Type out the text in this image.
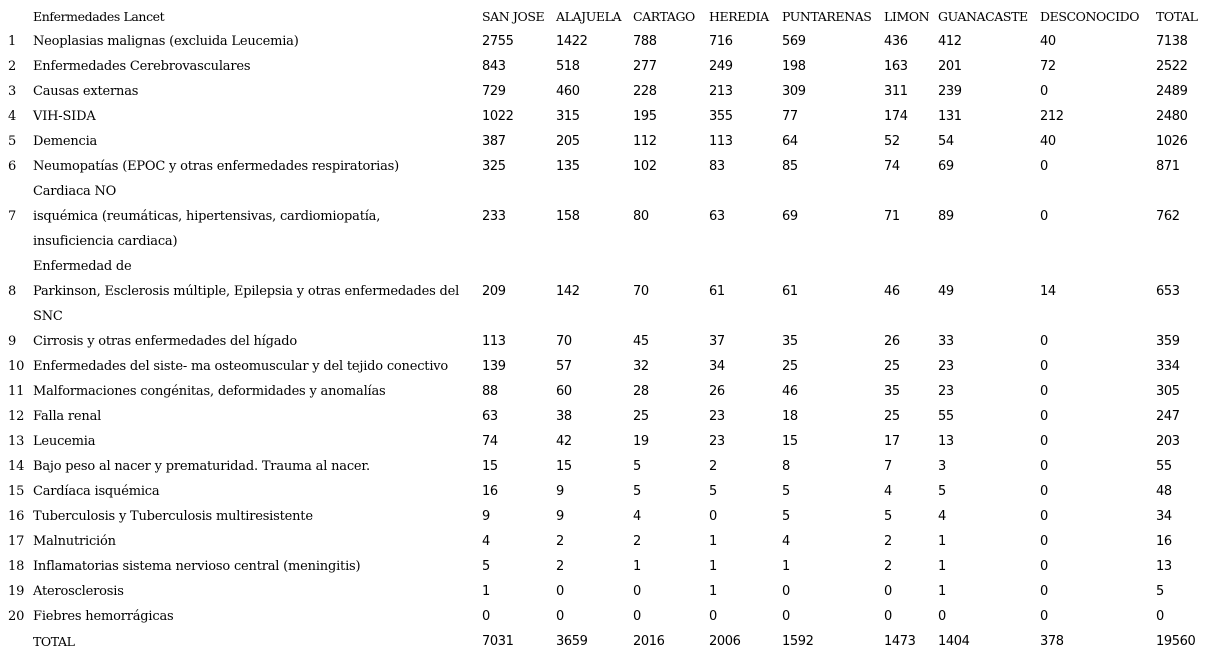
	Enfermedades Lancet	SAN JOSE	ALAJUELA	CARTAGO	HEREDIA	PUNTARENAS	LIMON	GUANACASTE	DESCONOCIDO	TOTAL
1	Neoplasias malignas (excluida Leucemia)	2755	1422	788	716	569	436	412	40	7138
2	Enfermedades Cerebrovasculares	843	518	277	249	198	163	201	72	2522
3	Causas externas	729	460	228	213	309	311	239	0	2489
4	VIH-SIDA	1022	315	195	355	77	174	131	212	2480
5	Demencia	387	205	112	113	64	52	54	40	1026
6	Neumopatías (EPOC y otras enfermedades respiratorias)	325	135	102	83	85	74	69	0	871
7	Cardiaca NO
isquémica (reumáticas, hipertensivas, cardiomiopatía,
insuficiencia cardiaca)	233	158	80	63	69	71	89	0	762
8	Enfermedad de
Parkinson, Esclerosis múltiple, Epilepsia y otras enfermedades del
SNC	209	142	70	61	61	46	49	14	653
9	Cirrosis y otras enfermedades del hígado	113	70	45	37	35	26	33	0	359
10	Enfermedades del siste- ma osteomuscular y del tejido conectivo	139	57	32	34	25	25	23	0	334
11	Malformaciones congénitas, deformidades y anomalías	88	60	28	26	46	35	23	0	305
12	Falla renal	63	38	25	23	18	25	55	0	247
13	Leucemia	74	42	19	23	15	17	13	0	203
14	Bajo peso al nacer y prematuridad. Trauma al nacer.	15	15	5	2	8	7	3	0	55
15	Cardíaca isquémica	16	9	5	5	5	4	5	0	48
16	Tuberculosis y Tuberculosis multiresistente	9	9	4	0	5	5	4	0	34
17	Malnutrición	4	2	2	1	4	2	1	0	16
18	Inflamatorias sistema nervioso central (meningitis)	5	2	1	1	1	2	1	0	13
19	Aterosclerosis	1	0	0	1	0	0	1	0	5
20	Fiebres hemorrágicas	0	0	0	0	0	0	0	0	0
	TOTAL	7031	3659	2016	2006	1592	1473	1404	378	19560
